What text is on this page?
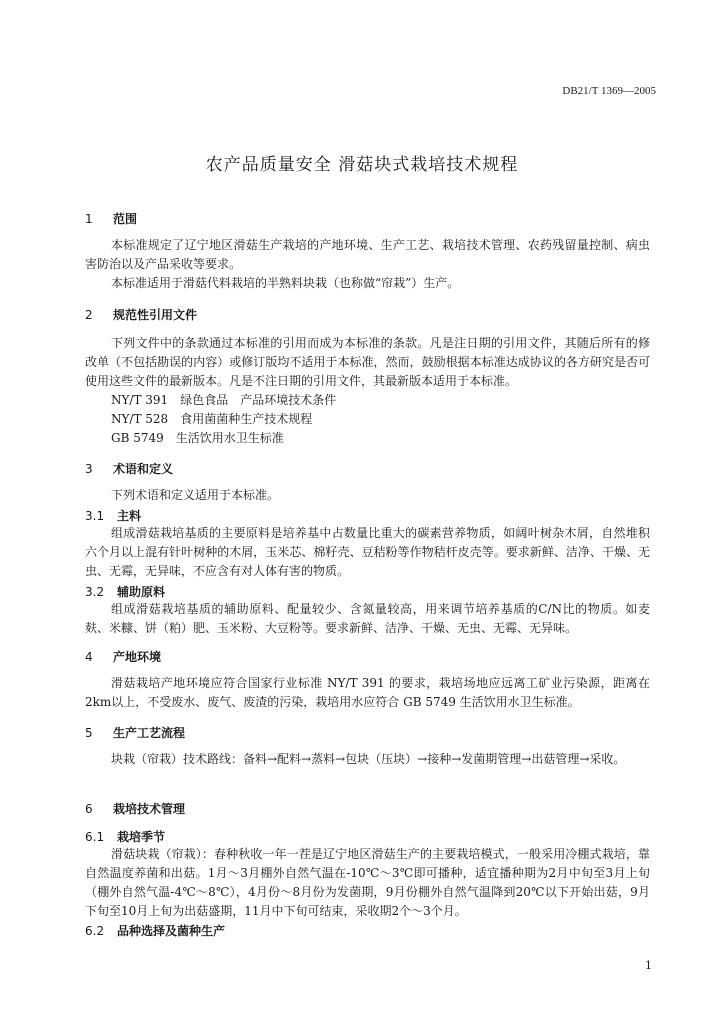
DB21/T 1369—2005
农产品质量安全 滑菇块式栽培技术规程
1 范围

本标准规定了辽宁地区滑菇生产栽培的产地环境、生产工艺、栽培技术管理、农药残留量控制、病虫害防治以及产品采收等要求。

本标准适用于滑菇代料栽培的半熟料块栽（也称做“帘栽”）生产。

2 规范性引用文件

下列文件中的条款通过本标准的引用而成为本标准的条款。凡是注日期的引用文件，其随后所有的修改单（不包括勘误的内容）或修订版均不适用于本标准，然而，鼓励根据本标准达成协议的各方研究是否可使用这些文件的最新版本。凡是不注日期的引用文件，其最新版本适用于本标准。

NY/T 391　绿色食品　产品环境技术条件

NY/T 528　食用菌菌种生产技术规程

GB 5749　生活饮用水卫生标准

3 术语和定义

下列术语和定义适用于本标准。

3.1 主料

组成滑菇栽培基质的主要原料是培养基中占数量比重大的碳素营养物质，如阔叶树杂木屑，自然堆积六个月以上混有针叶树种的木屑，玉米芯、棉籽壳、豆秸粉等作物秸杆皮壳等。要求新鲜、洁净、干燥、无虫、无霉，无异味，不应含有对人体有害的物质。

3.2 辅助原料

组成滑菇栽培基质的辅助原料、配量较少、含氮量较高，用来调节培养基质的C/N比的物质。如麦麸、米糠、饼（粕）肥、玉米粉、大豆粉等。要求新鲜、洁净、干燥、无虫、无霉、无异味。

4 产地环境

滑菇栽培产地环境应符合国家行业标准 NY/T 391 的要求，栽培场地应远离工矿业污染源，距离在2km以上，不受废水、废气、废渣的污染，栽培用水应符合 GB 5749 生活饮用水卫生标准。

5 生产工艺流程

块栽（帘栽）技术路线：备料→配料→蒸料→包块（压块）→接种→发菌期管理→出菇管理→采收。

6 栽培技术管理
6.1 栽培季节

滑菇块栽（帘栽）：春种秋收一年一茬是辽宁地区滑菇生产的主要栽培模式，一般采用冷棚式栽培，靠自然温度养菌和出菇。1月～3月棚外自然气温在-10℃～3℃即可播种，适宜播种期为2月中旬至3月上旬（棚外自然气温-4℃～8℃），4月份～8月份为发菌期，9月份棚外自然气温降到20℃以下开始出菇，9月下旬至10月上旬为出菇盛期，11月中下旬可结束，采收期2个～3个月。

6.2 品种选择及菌种生产
1
